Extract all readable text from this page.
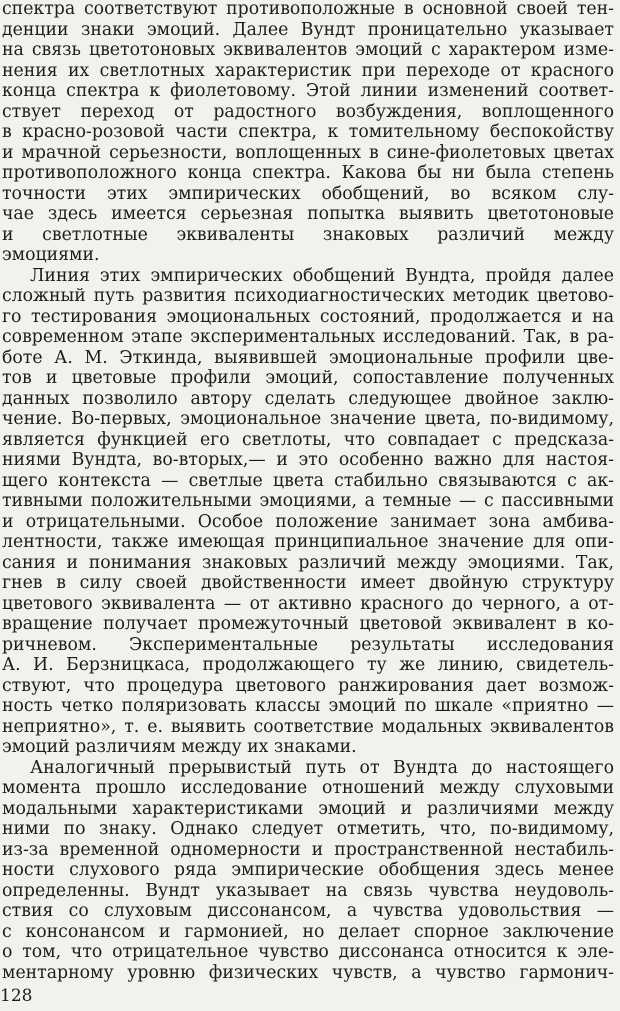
спектра соответствуют противоположные в основной своей тен-
денции знаки эмоций. Далее Вундт проницательно указывает
на связь цветотоновых эквивалентов эмоций с характером изме-
нения их светлотных характеристик при переходе от красного
конца спектра к фиолетовому. Этой линии изменений соответ-
ствует переход от радостного возбуждения, воплощенного
в красно-розовой части спектра, к томительному беспокойству
и мрачной серьезности, воплощенных в сине-фиолетовых цветах
противоположного конца спектра. Какова бы ни была степень
точности этих эмпирических обобщений, во всяком слу-
чае здесь имеется серьезная попытка выявить цветотоновые
и светлотные эквиваленты знаковых различий между
эмоциями.
Линия этих эмпирических обобщений Вундта, пройдя далее
сложный путь развития психодиагностических методик цветово-
го тестирования эмоциональных состояний, продолжается и на
современном этапе экспериментальных исследований. Так, в ра-
боте А. М. Эткинда, выявившей эмоциональные профили цве-
тов и цветовые профили эмоций, сопоставление полученных
данных позволило автору сделать следующее двойное заклю-
чение. Во-первых, эмоциональное значение цвета, по-видимому,
является функцией его светлоты, что совпадает с предсказа-
ниями Вундта, во-вторых,— и это особенно важно для настоя-
щего контекста — светлые цвета стабильно связываются с ак-
тивными положительными эмоциями, а темные — с пассивными
и отрицательными. Особое положение занимает зона амбива-
лентности, также имеющая принципиальное значение для опи-
сания и понимания знаковых различий между эмоциями. Так,
гнев в силу своей двойственности имеет двойную структуру
цветового эквивалента — от активно красного до черного, а от-
вращение получает промежуточный цветовой эквивалент в ко-
ричневом. Экспериментальные результаты исследования
А. И. Берзницкаса, продолжающего ту же линию, свидетель-
ствуют, что процедура цветового ранжирования дает возмож-
ность четко поляризовать классы эмоций по шкале «приятно —
неприятно», т. е. выявить соответствие модальных эквивалентов
эмоций различиям между их знаками.
Аналогичный прерывистый путь от Вундта до настоящего
момента прошло исследование отношений между слуховыми
модальными характеристиками эмоций и различиями между
ними по знаку. Однако следует отметить, что, по-видимому,
из-за временной одномерности и пространственной нестабиль-
ности слухового ряда эмпирические обобщения здесь менее
определенны. Вундт указывает на связь чувства неудоволь-
ствия со слуховым диссонансом, а чувства удовольствия —
с консонансом и гармонией, но делает спорное заключение
о том, что отрицательное чувство диссонанса относится к эле-
ментарному уровню физических чувств, а чувство гармонич-
128
